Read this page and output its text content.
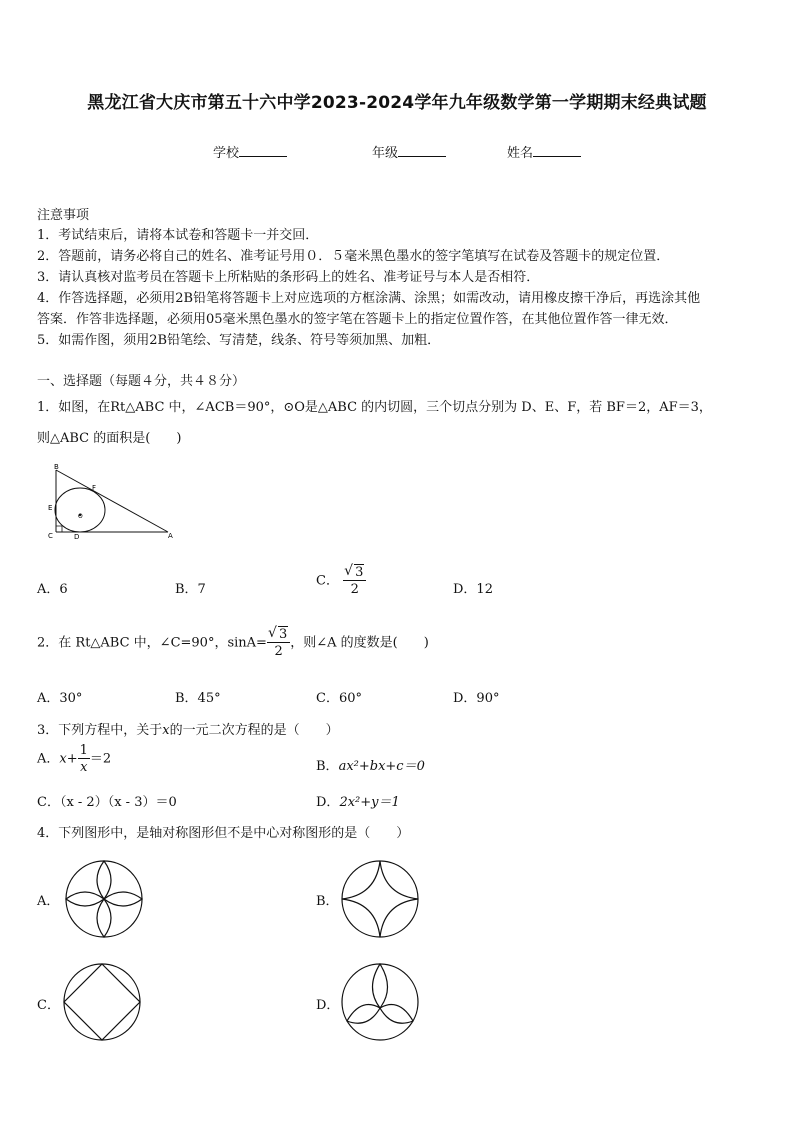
黑龙江省大庆市第五十六中学2023-2024学年九年级数学第一学期期末经典试题
学校	年级	姓名
注意事项
1．考试结束后，请将本试卷和答题卡一并交回．
2．答题前，请务必将自己的姓名、准考证号用０．５毫米黑色墨水的签字笔填写在试卷及答题卡的规定位置．
3．请认真核对监考员在答题卡上所粘贴的条形码上的姓名、准考证号与本人是否相符．
4．作答选择题，必须用2B铅笔将答题卡上对应选项的方框涂满、涂黑；如需改动，请用橡皮擦干净后，再选涂其他
答案．作答非选择题，必须用05毫米黑色墨水的签字笔在答题卡上的指定位置作答，在其他位置作答一律无效．
5．如需作图，须用2B铅笔绘、写清楚，线条、符号等须加黑、加粗．
一、选择题（每题４分，共４８分）
1．如图，在Rt△ABC 中，∠ACB＝90°，⊙O是△ABC 的内切圆，三个切点分别为 D、E、F，若 BF＝2，AF＝3，
则△ABC 的面积是(　　)
B
F
E
O
C	D	A
A．6	B．7
C． √ $\frac{3}{2}$	D．12
2．在 Rt△ABC 中，∠C=90°，sinA= √ $\frac{3}{2}$ ，则∠A 的度数是(　　)
A．30°	B．45°	C．60°	D．90°
3．下列方程中，关于x的一元二次方程的是（　　）
A．$x+ \frac{1}{x} =2$	B．ax²+bx+c＝0
C．（x - 2）（x - 3）＝0	D．2x²+y＝1
4．下列图形中，是轴对称图形但不是中心对称图形的是（　　）
A．	B．
C．	D．
